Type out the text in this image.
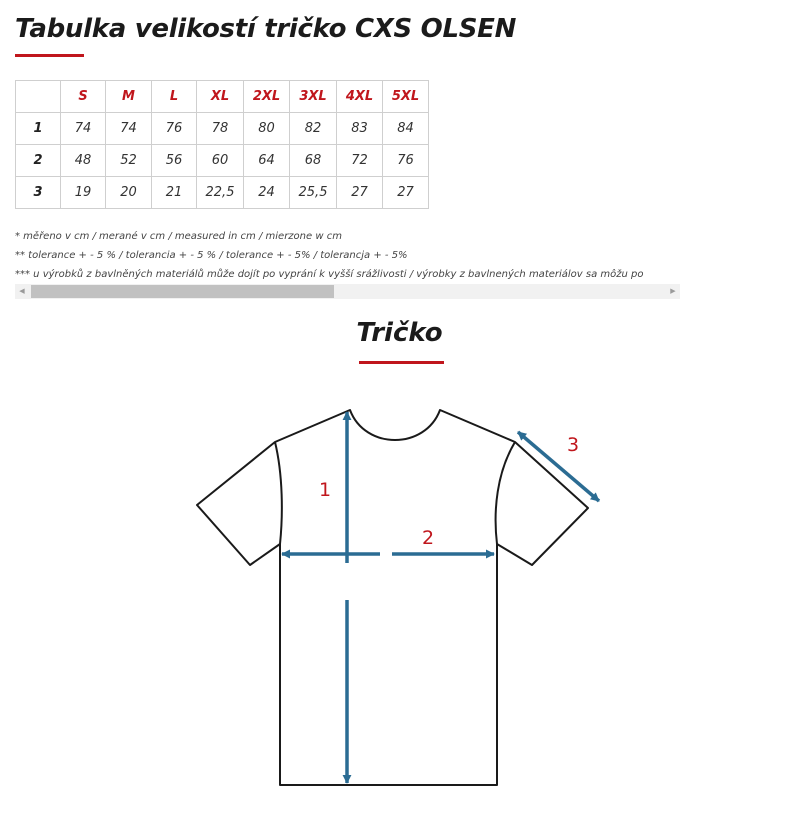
Tabulka velikostí tričko CXS OLSEN
	S	M	L	XL	2XL	3XL	4XL	5XL
1	74	74	76	78	80	82	83	84
2	48	52	56	60	64	68	72	76
3	19	20	21	22,5	24	25,5	27	27
* měřeno v cm / merané v cm / measured in cm / mierzone w cm
** tolerance + - 5 % / tolerancia + - 5 % / tolerance + - 5% / tolerancja + - 5%
*** u výrobků z bavlněných materiálů může dojít po vyprání k vyšší srážlivosti / výrobky z bavlnených materiálov sa môžu po
◀	▶
Tričko
1
2
3
